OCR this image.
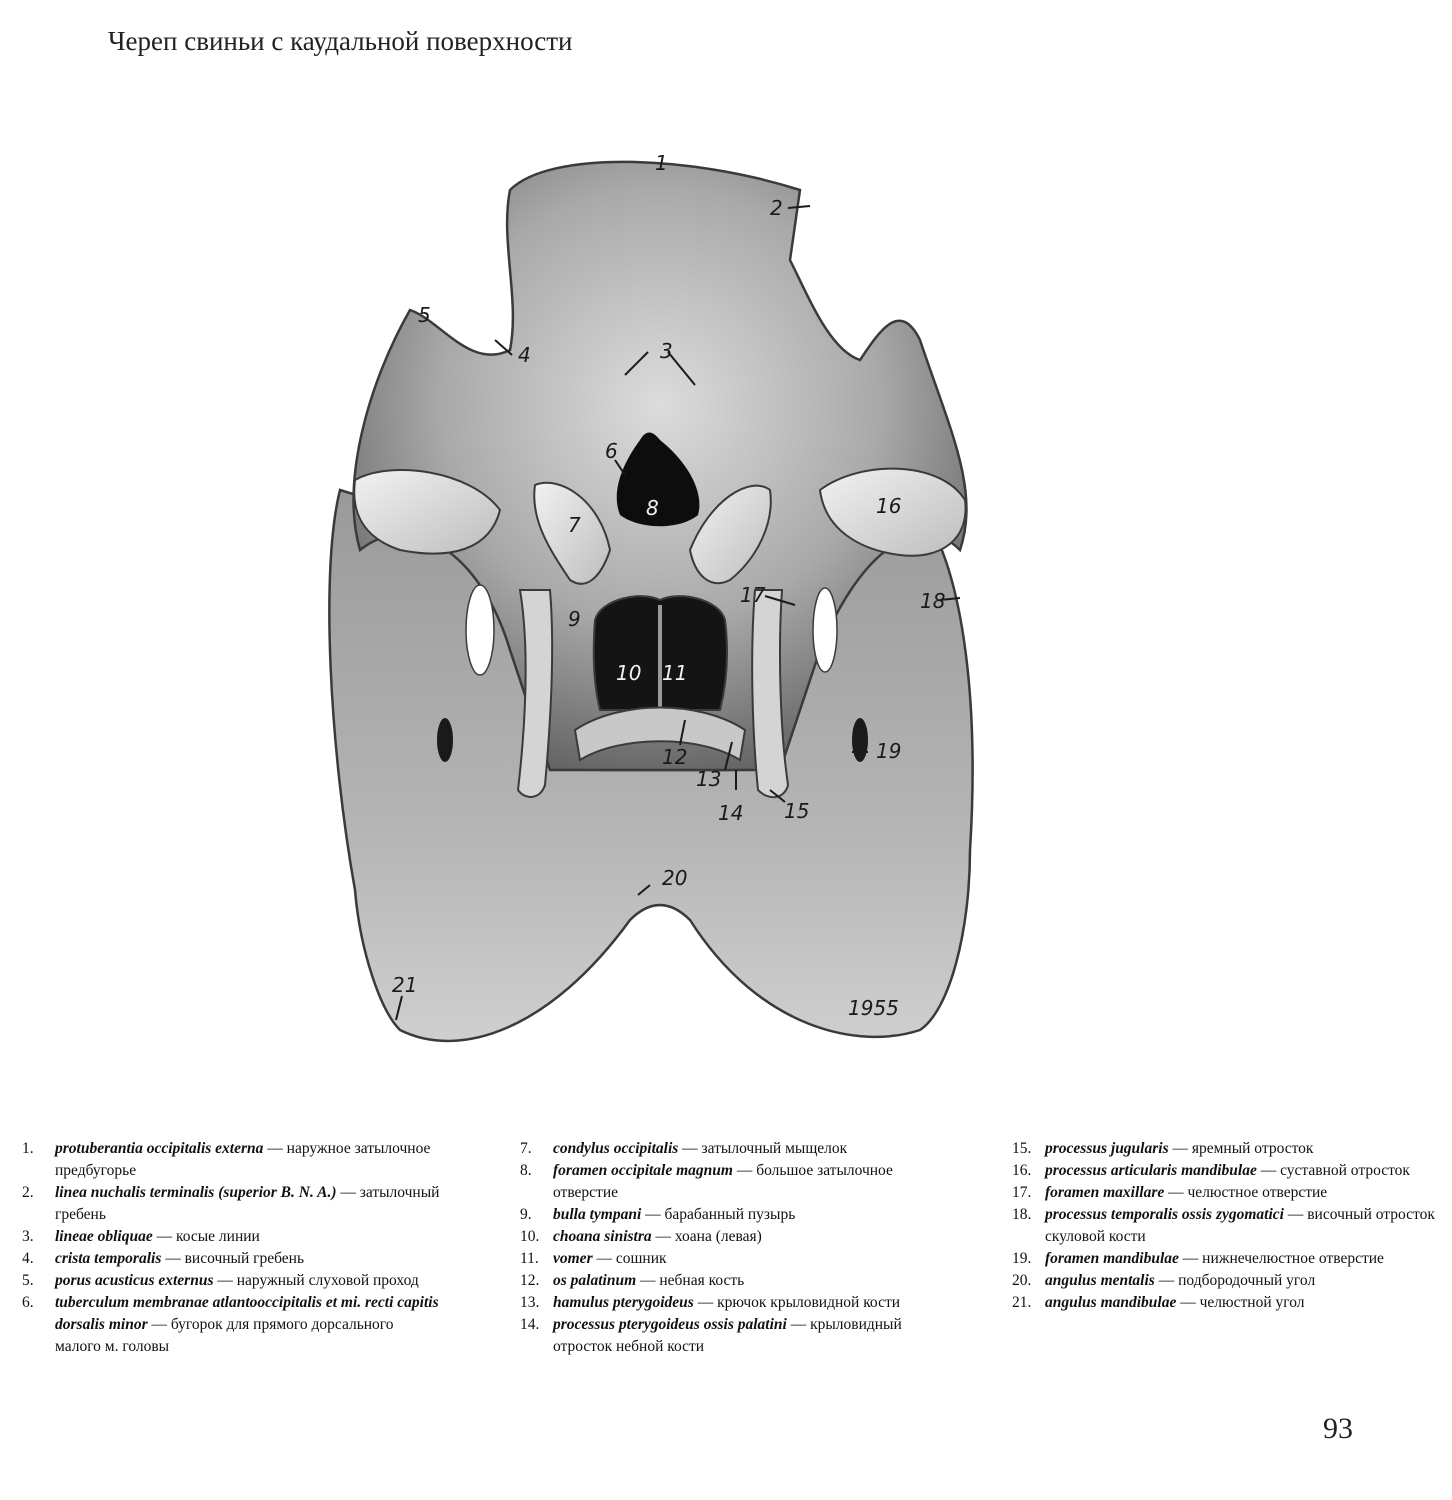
Череп свиньи с каудальной поверхности
1
2
3
4
5
6
7
8
9
10 11
12
13
14 15
16
17	18
19
20
21
1955
1.	protuberantia occipitalis externa — наружное затылочное предбугорье
2.	linea nuchalis terminalis (superior B. N. A.) — затылочный гребень
3.	lineae obliquae — косые линии
4.	crista temporalis — височный гребень
5.	porus acusticus externus — наружный слуховой проход
6.	tuberculum membranae atlantooccipitalis et mi. recti capitis dorsalis minor — бугорок для прямого дорсального малого м. головы
7.	condylus occipitalis — затылочный мыщелок
8.	foramen occipitale magnum — большое затылочное отверстие
9.	bulla tympani — барабанный пузырь
10. choana sinistra — хоана (левая)
11. vomer — сошник
12. os palatinum — небная кость
13. hamulus pterygoideus — крючок крыловидной кости
14. processus pterygoideus ossis palatini — крыловидный отросток небной кости
15. processus jugularis — яремный отросток
16. processus articularis mandibulae — суставной отросток
17. foramen maxillare — челюстное отверстие
18. processus temporalis ossis zygomatici — височный отросток скуловой кости
19. foramen mandibulae — нижнечелюстное отверстие
20. angulus mentalis — подбородочный угол
21. angulus mandibulae — челюстной угол
93
